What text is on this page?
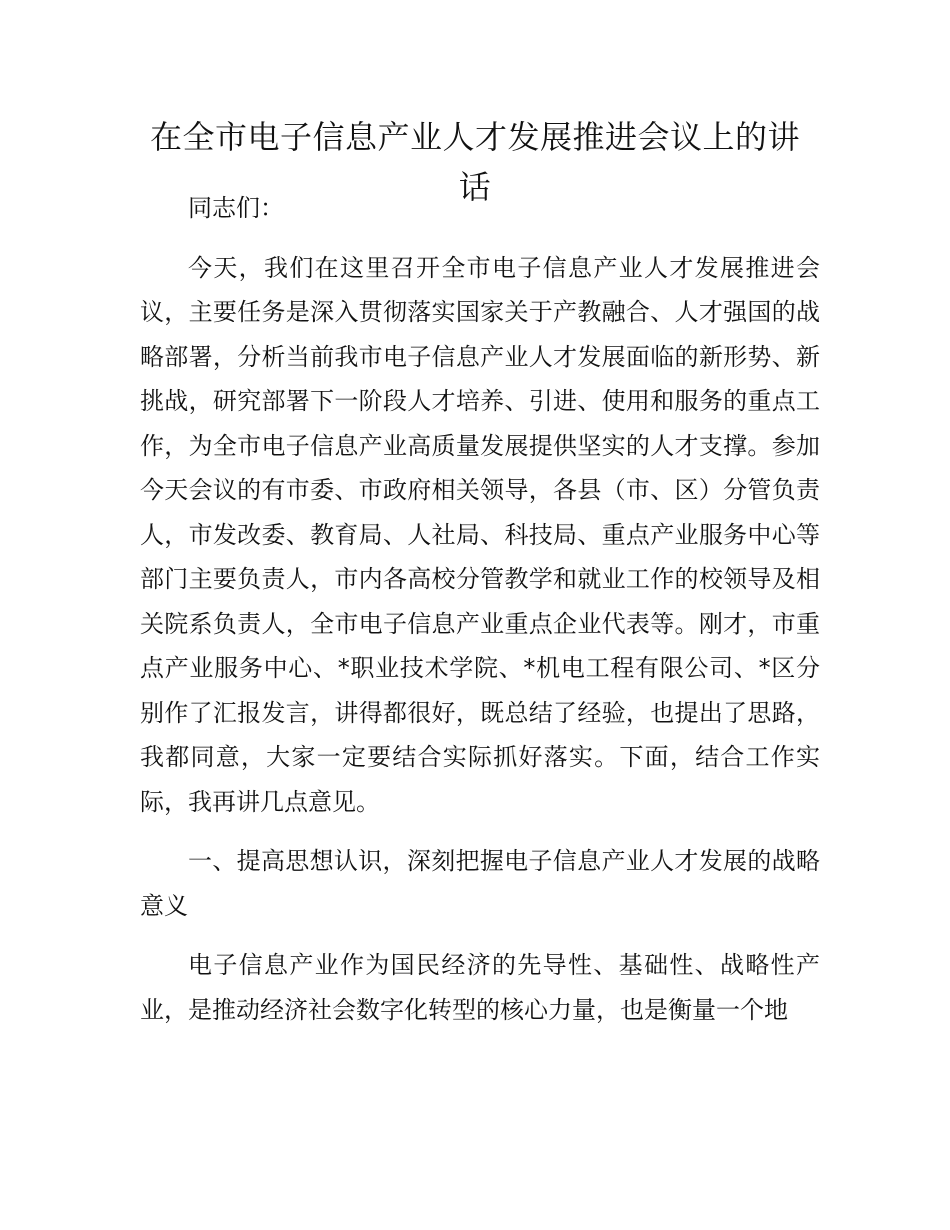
在全市电子信息产业人才发展推进会议上的讲话

同志们：

今天，我们在这里召开全市电子信息产业人才发展推进会议，主要任务是深入贯彻落实国家关于产教融合、人才强国的战略部署，分析当前我市电子信息产业人才发展面临的新形势、新挑战，研究部署下一阶段人才培养、引进、使用和服务的重点工作，为全市电子信息产业高质量发展提供坚实的人才支撑。参加今天会议的有市委、市政府相关领导，各县（市、区）分管负责人，市发改委、教育局、人社局、科技局、重点产业服务中心等部门主要负责人，市内各高校分管教学和就业工作的校领导及相关院系负责人，全市电子信息产业重点企业代表等。刚才，市重点产业服务中心、*职业技术学院、*机电工程有限公司、*区分别作了汇报发言，讲得都很好，既总结了经验，也提出了思路，我都同意，大家一定要结合实际抓好落实。下面，结合工作实际，我再讲几点意见。

一、提高思想认识，深刻把握电子信息产业人才发展的战略意义

电子信息产业作为国民经济的先导性、基础性、战略性产业，是推动经济社会数字化转型的核心力量，也是衡量一个地
